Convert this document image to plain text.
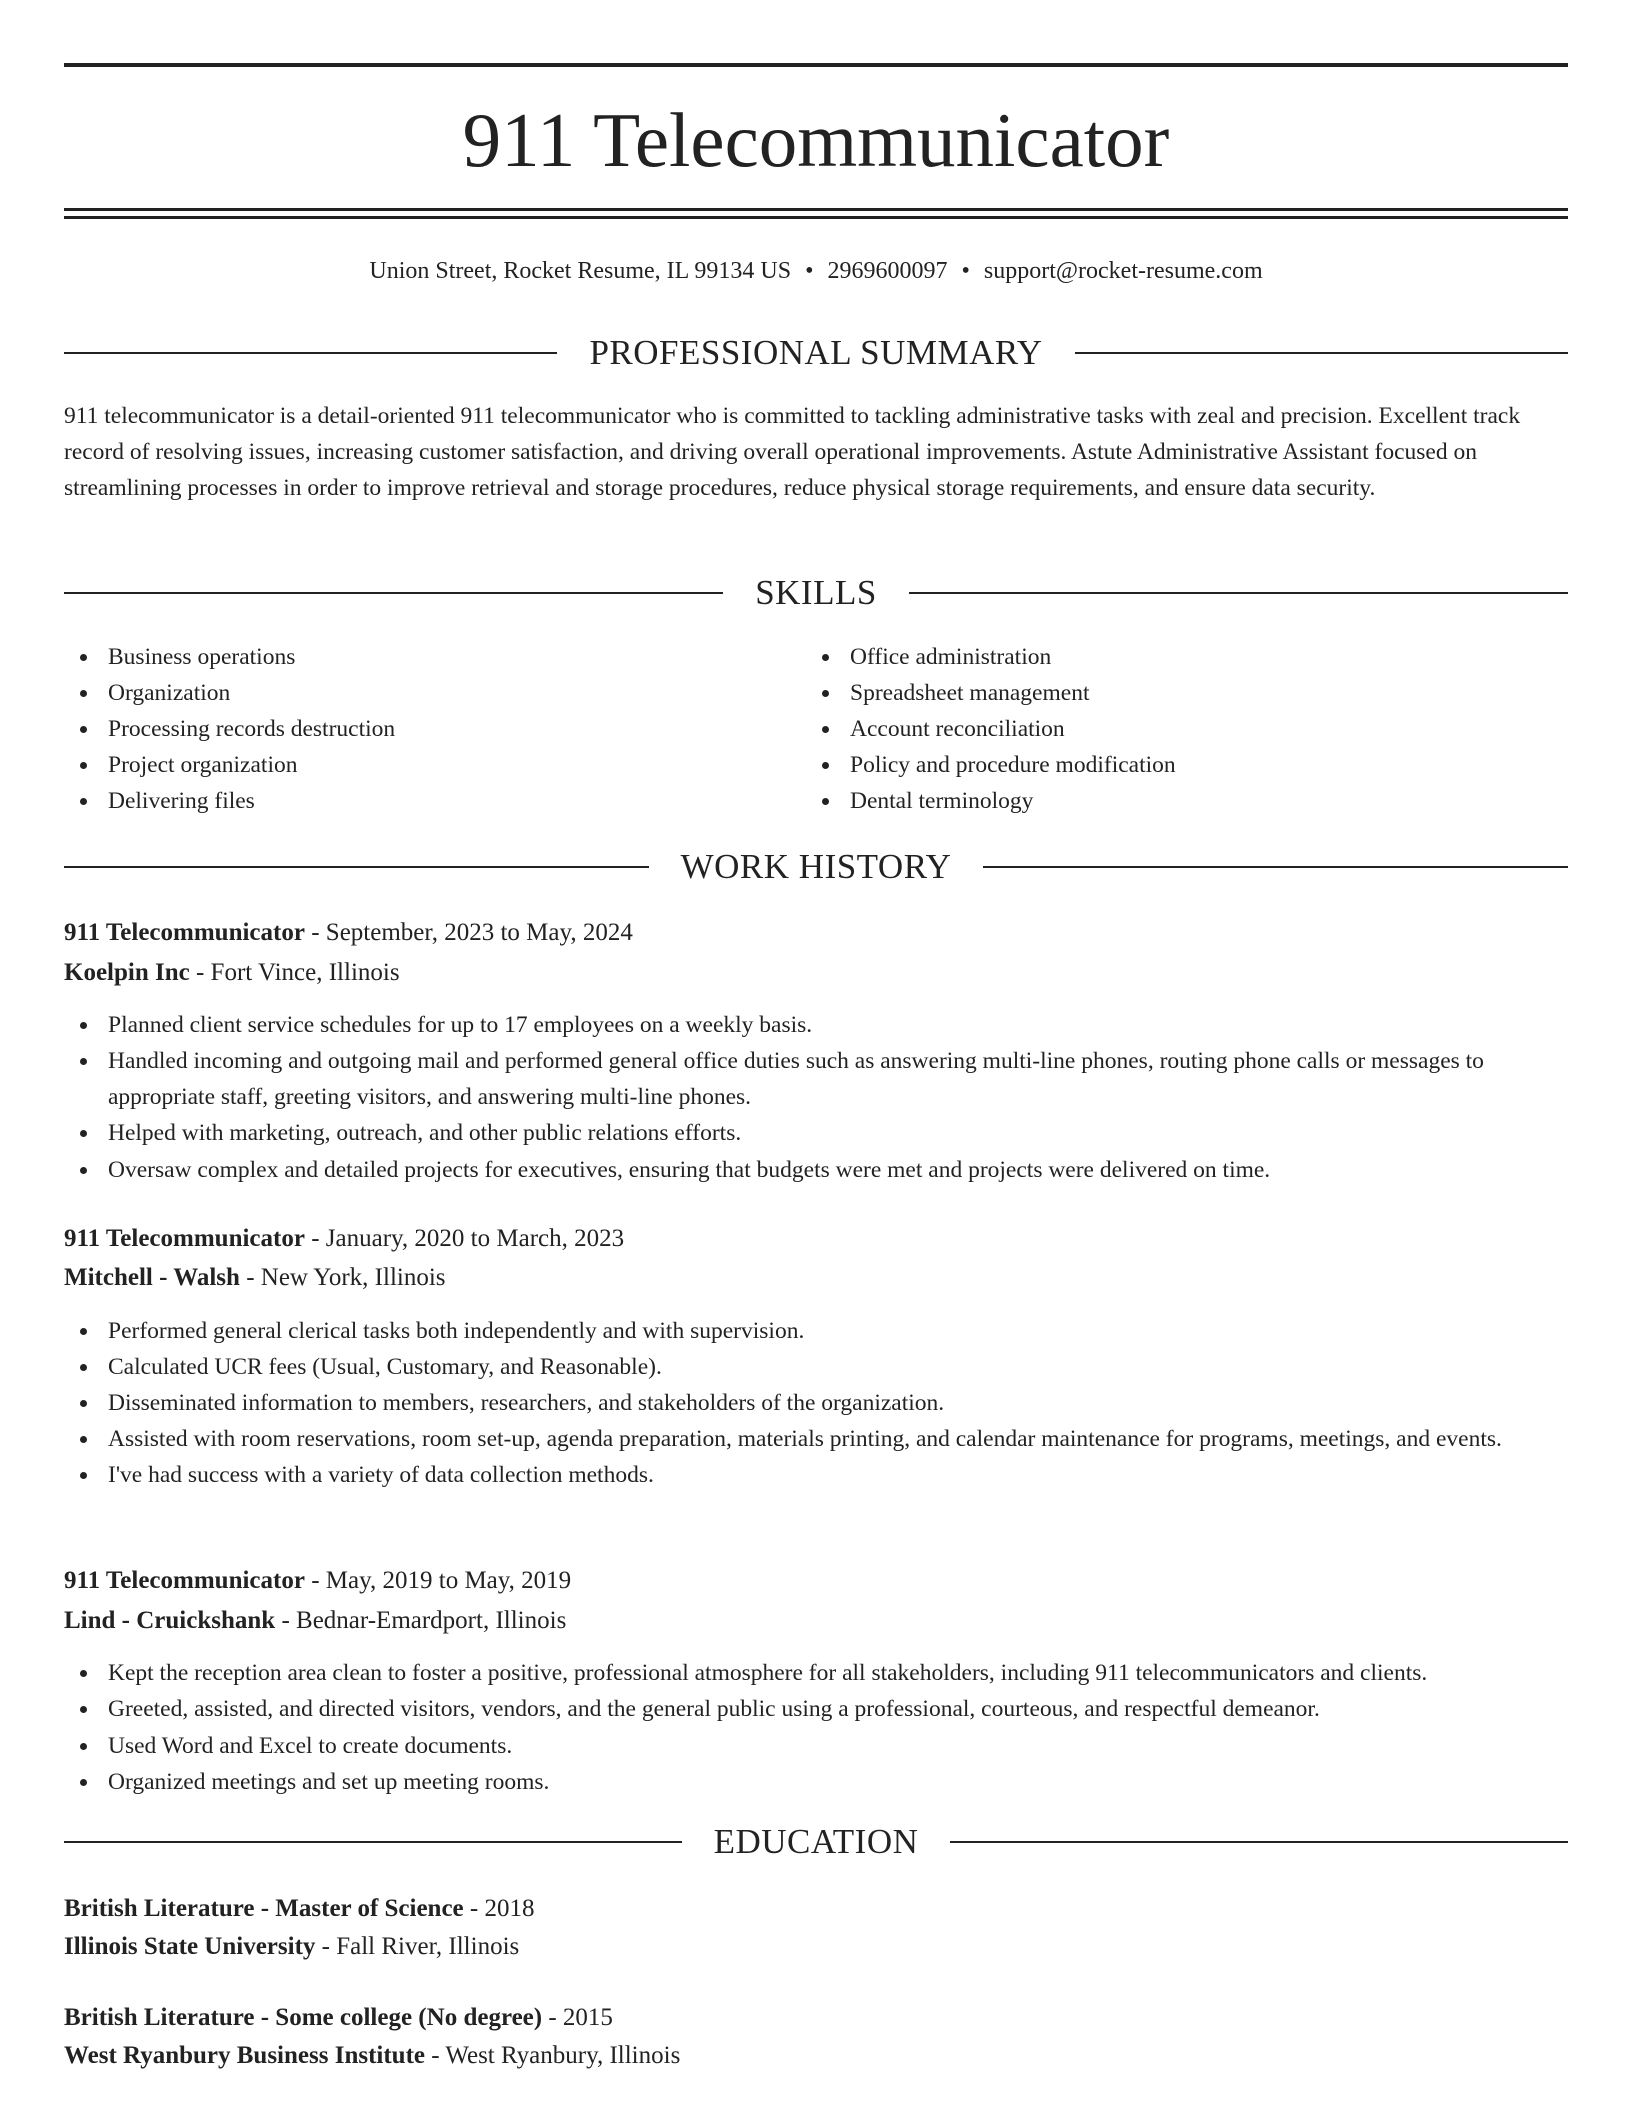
911 Telecommunicator
Union Street, Rocket Resume, IL 99134 US • 2969600097 • support@rocket-resume.com
PROFESSIONAL SUMMARY

911 telecommunicator is a detail-oriented 911 telecommunicator who is committed to tackling administrative tasks with zeal and precision. Excellent track record of resolving issues, increasing customer satisfaction, and driving overall operational improvements. Astute Administrative Assistant focused on streamlining processes in order to improve retrieval and storage procedures, reduce physical storage requirements, and ensure data security.

SKILLS
Business operations
Organization
Processing records destruction
Project organization
Delivering files
Office administration
Spreadsheet management
Account reconciliation
Policy and procedure modification
Dental terminology
WORK HISTORY
911 Telecommunicator - September, 2023 to May, 2024
Koelpin Inc - Fort Vince, Illinois
Planned client service schedules for up to 17 employees on a weekly basis.
Handled incoming and outgoing mail and performed general office duties such as answering multi-line phones, routing phone calls or messages to appropriate staff, greeting visitors, and answering multi-line phones.
Helped with marketing, outreach, and other public relations efforts.
Oversaw complex and detailed projects for executives, ensuring that budgets were met and projects were delivered on time.
911 Telecommunicator - January, 2020 to March, 2023
Mitchell - Walsh - New York, Illinois
Performed general clerical tasks both independently and with supervision.
Calculated UCR fees (Usual, Customary, and Reasonable).
Disseminated information to members, researchers, and stakeholders of the organization.
Assisted with room reservations, room set-up, agenda preparation, materials printing, and calendar maintenance for programs, meetings, and events.
I've had success with a variety of data collection methods.
911 Telecommunicator - May, 2019 to May, 2019
Lind - Cruickshank - Bednar-Emardport, Illinois
Kept the reception area clean to foster a positive, professional atmosphere for all stakeholders, including 911 telecommunicators and clients.
Greeted, assisted, and directed visitors, vendors, and the general public using a professional, courteous, and respectful demeanor.
Used Word and Excel to create documents.
Organized meetings and set up meeting rooms.
EDUCATION
British Literature - Master of Science - 2018
Illinois State University - Fall River, Illinois
British Literature - Some college (No degree) - 2015
West Ryanbury Business Institute - West Ryanbury, Illinois
